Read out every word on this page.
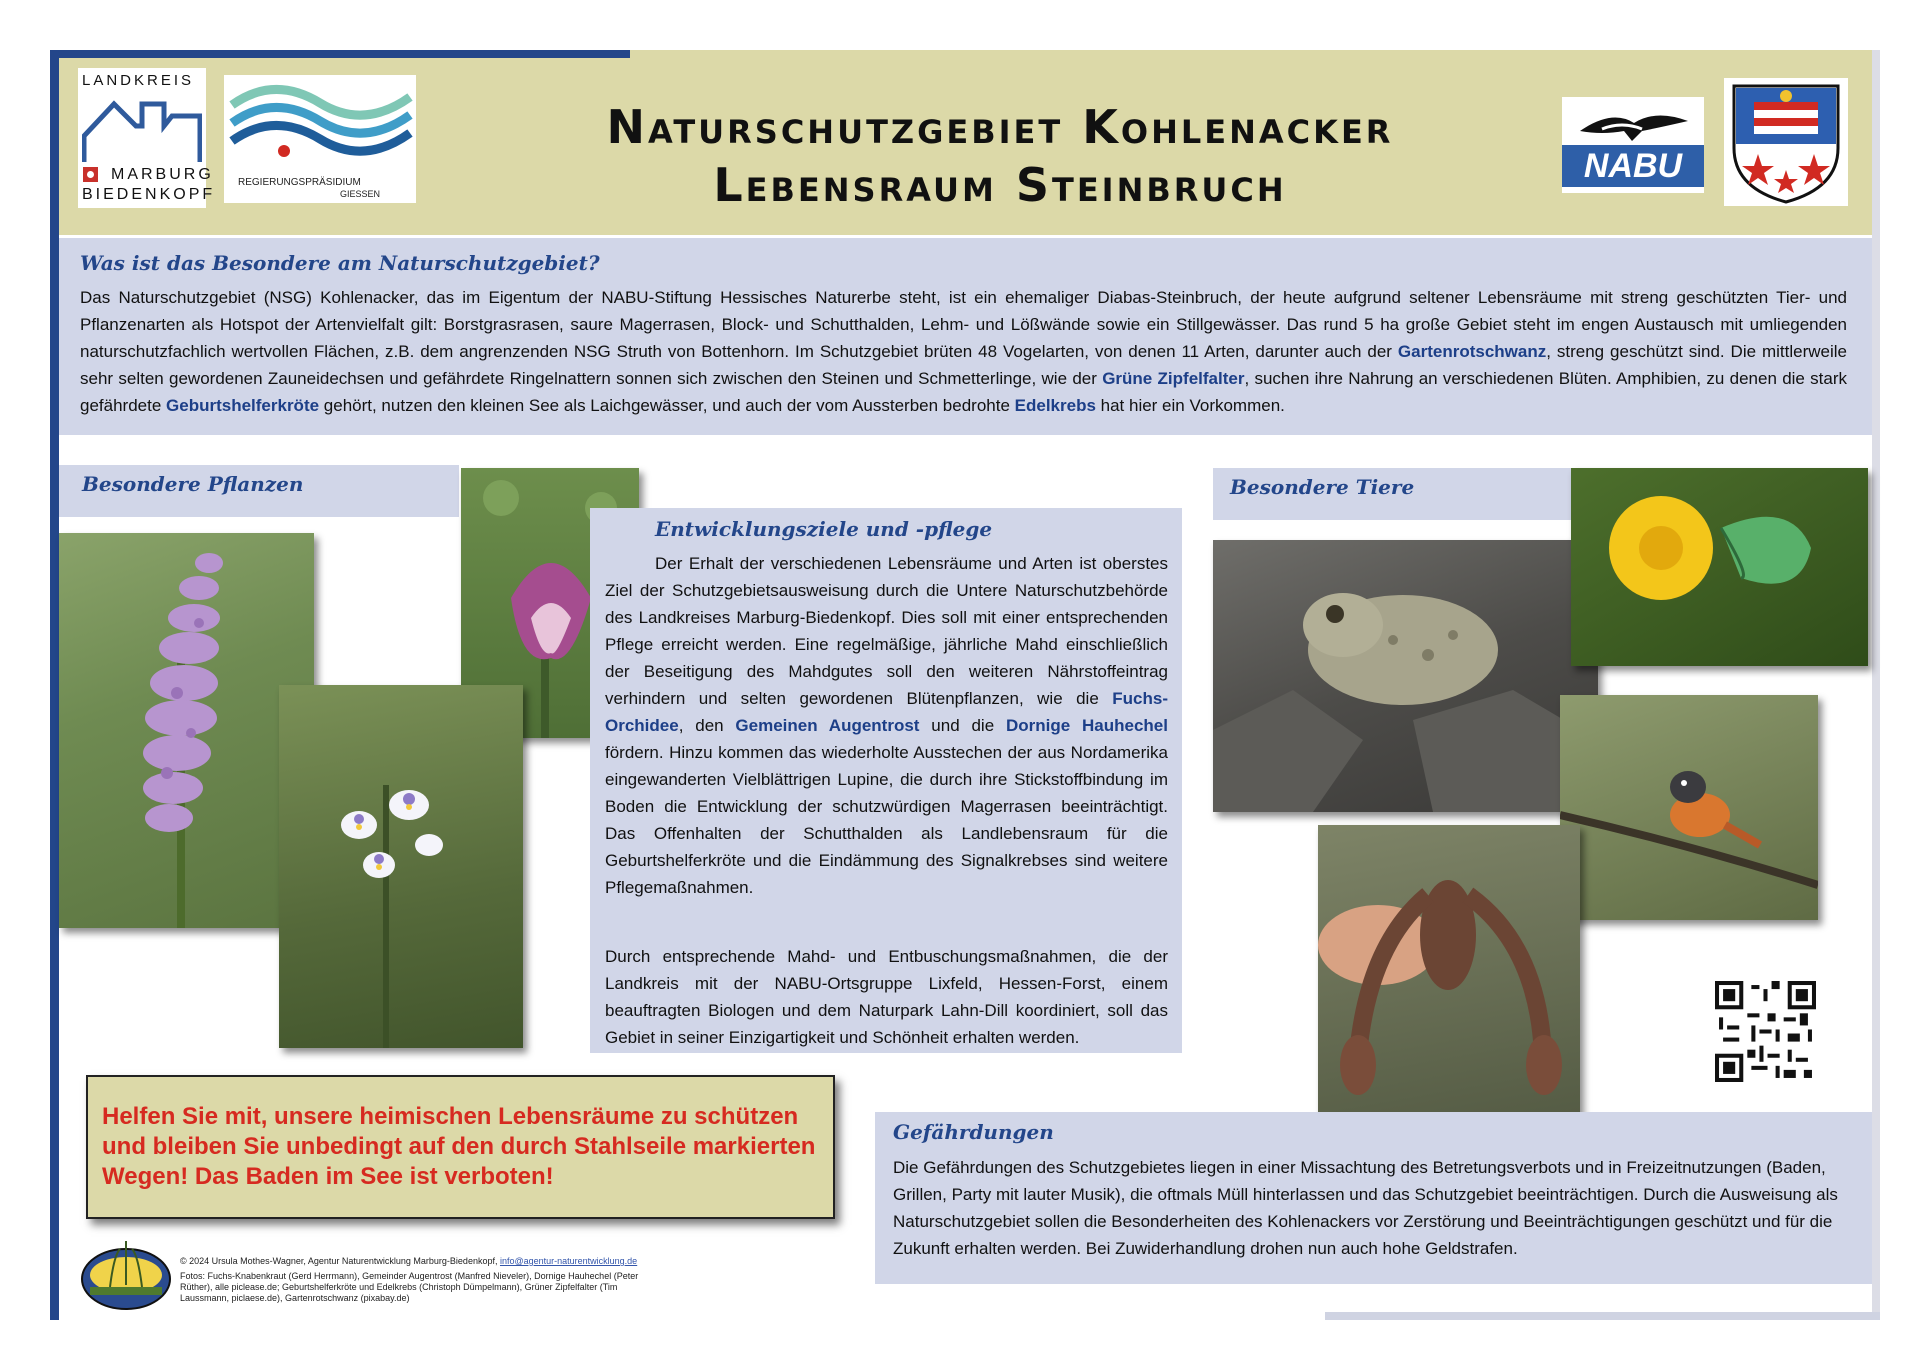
LANDKREIS
MARBURG
BIEDENKOPF
REGIERUNGSPRÄSIDIUM
GIESSEN
Naturschutzgebiet Kohlenacker
Lebensraum Steinbruch	NABU
Was ist das Besondere am Naturschutzgebiet?
Das Naturschutzgebiet (NSG) Kohlenacker, das im Eigentum der NABU-Stiftung Hessisches Naturerbe steht, ist ein ehemaliger Diabas-Steinbruch, der heute aufgrund seltener Lebensräume mit streng geschützten Tier- und Pflanzenarten als Hotspot der Artenvielfalt gilt: Borstgrasrasen, saure Magerrasen, Block- und Schutthalden, Lehm- und Lößwände sowie ein Stillgewässer. Das rund 5 ha große Gebiet steht im engen Austausch mit umliegenden naturschutzfachlich wertvollen Flächen, z.B. dem angrenzenden NSG Struth von Bottenhorn. Im Schutzgebiet brüten 48 Vogelarten, von denen 11 Arten, darunter auch der Gartenrotschwanz, streng geschützt sind. Die mittlerweile sehr selten gewordenen Zauneidechsen und gefährdete Ringelnattern sonnen sich zwischen den Steinen und Schmetterlinge, wie der Grüne Zipfelfalter, suchen ihre Nahrung an verschiedenen Blüten. Amphibien, zu denen die stark gefährdete Geburtshelferkröte gehört, nutzen den kleinen See als Laichgewässer, und auch der vom Aussterben bedrohte Edelkrebs hat hier ein Vorkommen.
Besondere Pflanzen
Entwicklungsziele und -pflege
Der Erhalt der verschiedenen Lebensräume und Arten ist oberstes Ziel der Schutzgebietsausweisung durch die Untere Naturschutzbehörde des Landkreises Marburg-Biedenkopf. Dies soll mit einer entsprechenden Pflege erreicht werden. Eine regelmäßige, jährliche Mahd einschließlich der Beseitigung des Mahdgutes soll den weiteren Nährstoffeintrag verhindern und selten gewordenen Blütenpflanzen, wie die Fuchs-Orchidee, den Gemeinen Augentrost und die Dornige Hauhechel fördern. Hinzu kommen das wiederholte Ausstechen der aus Nordamerika eingewanderten Vielblättrigen Lupine, die durch ihre Stickstoffbindung im Boden die Entwicklung der schutzwürdigen Magerrasen beeinträchtigt. Das Offenhalten der Schutthalden als Landlebensraum für die Geburtshelferkröte und die Eindämmung des Signalkrebses sind weitere Pflegemaßnahmen.
Durch entsprechende Mahd- und Entbuschungsmaßnahmen, die der Landkreis mit der NABU-Ortsgruppe Lixfeld, Hessen-Forst, einem beauftragten Biologen und dem Naturpark Lahn-Dill koordiniert, soll das Gebiet in seiner Einzigartigkeit und Schönheit erhalten werden.
Besondere Tiere
Helfen Sie mit, unsere heimischen Lebensräume zu schützen und bleiben Sie unbedingt auf den durch Stahlseile markierten Wegen! Das Baden im See ist verboten!
Gefährdungen
Die Gefährdungen des Schutzgebietes liegen in einer Missachtung des Betretungsverbots und in Freizeitnutzungen (Baden, Grillen, Party mit lauter Musik), die oftmals Müll hinterlassen und das Schutzgebiet beeinträchtigen. Durch die Ausweisung als Naturschutzgebiet sollen die Besonderheiten des Kohlenackers vor Zerstörung und Beeinträchtigungen geschützt und für die Zukunft erhalten werden. Bei Zuwiderhandlung drohen nun auch hohe Geldstrafen.
© 2024 Ursula Mothes-Wagner, Agentur Naturentwicklung Marburg-Biedenkopf, info@agentur-naturentwicklung.de
Fotos: Fuchs-Knabenkraut (Gerd Herrmann), Gemeinder Augentrost (Manfred Nieveler), Dornige Hauhechel (Peter Rüther), alle piclease.de; Geburtshelferkröte und Edelkrebs (Christoph Dümpelmann), Grüner Zipfelfalter (Tim Laussmann, piclaese.de), Gartenrotschwanz (pixabay.de)
